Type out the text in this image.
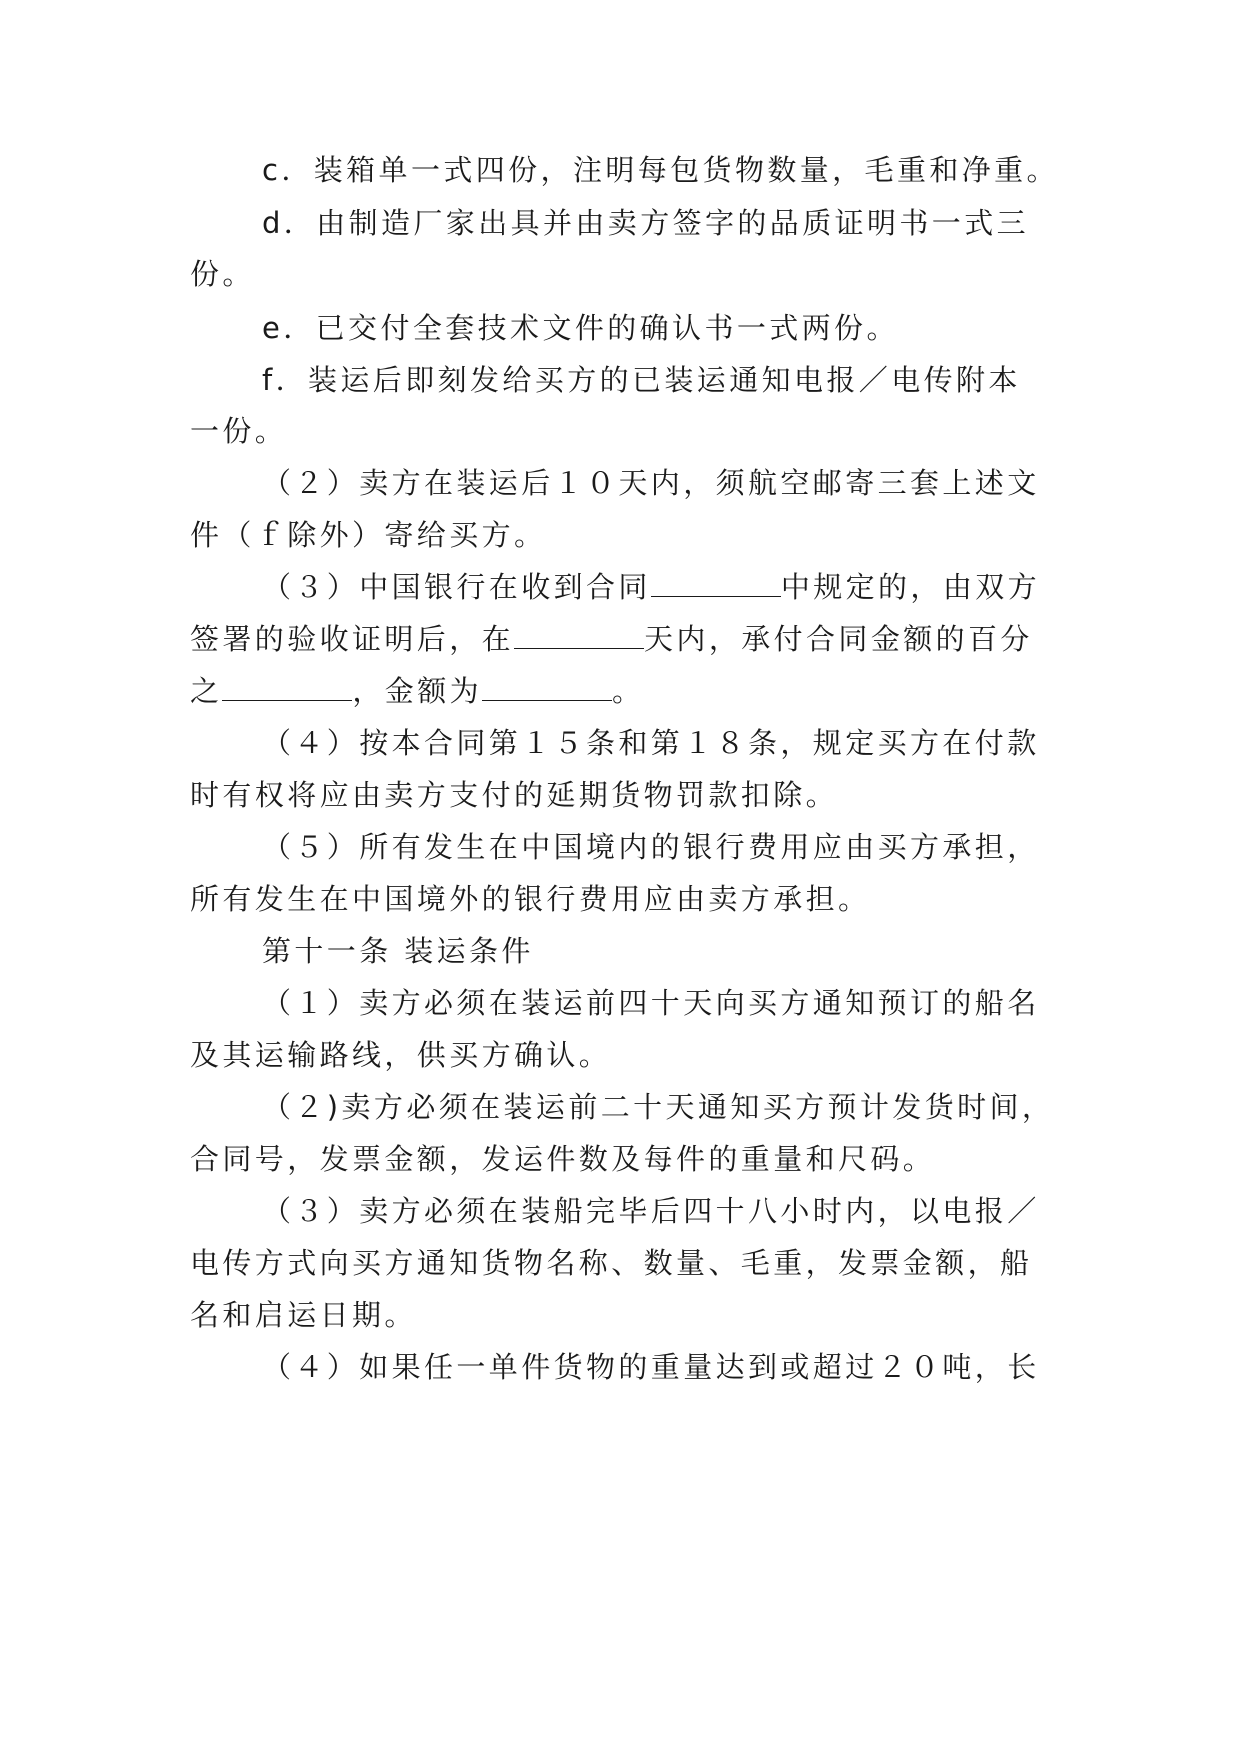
c．装箱单一式四份，注明每包货物数量，毛重和净重。
d．由制造厂家出具并由卖方签字的品质证明书一式三
份。
e．已交付全套技术文件的确认书一式两份。
f．装运后即刻发给买方的已装运通知电报／电传附本
一份。
（２）卖方在装运后１０天内，须航空邮寄三套上述文
件（ｆ除外）寄给买方。
（３）中国银行在收到合同	中规定的，由双方
签署的验收证明后，在	天内，承付合同金额的百分
之	，金额为	。
（４）按本合同第１５条和第１８条，规定买方在付款
时有权将应由卖方支付的延期货物罚款扣除。
（５）所有发生在中国境内的银行费用应由买方承担，
所有发生在中国境外的银行费用应由卖方承担。
第十一条 装运条件
（１）卖方必须在装运前四十天向买方通知预订的船名
及其运输路线，供买方确认。
（２)卖方必须在装运前二十天通知买方预计发货时间，
合同号，发票金额，发运件数及每件的重量和尺码。
（３）卖方必须在装船完毕后四十八小时内，以电报／
电传方式向买方通知货物名称、数量、毛重，发票金额，船
名和启运日期。
（４）如果任一单件货物的重量达到或超过２０吨，长
